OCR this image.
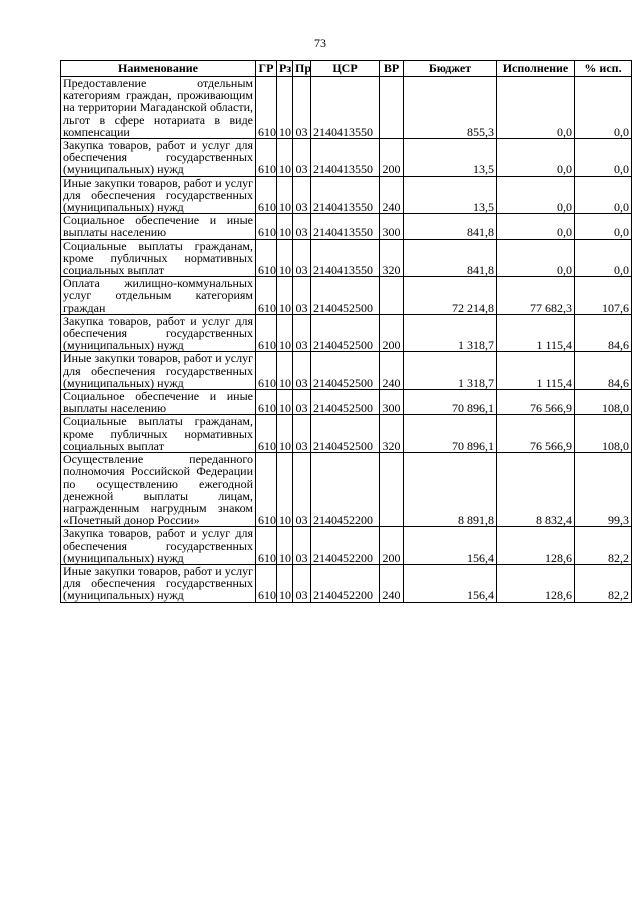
73
Наименование	ГР	Рз	Пр	ЦСР	ВР	Бюджет	Исполнение	% исп.
Предоставление отдельным категориям граждан, проживающим на территории Магаданской области, льгот в сфере нотариата в виде компенсации	610	10	03	2140413550		855,3	0,0	0,0
Закупка товаров, работ и услуг для обеспечения государственных (муниципальных) нужд	610	10	03	2140413550	200	13,5	0,0	0,0
Иные закупки товаров, работ и услуг для обеспечения государственных (муниципальных) нужд	610	10	03	2140413550	240	13,5	0,0	0,0
Социальное обеспечение и иные выплаты населению	610	10	03	2140413550	300	841,8	0,0	0,0
Социальные выплаты гражданам, кроме публичных нормативных социальных выплат	610	10	03	2140413550	320	841,8	0,0	0,0
Оплата жилищно-коммунальных услуг отдельным категориям граждан	610	10	03	2140452500		72 214,8	77 682,3	107,6
Закупка товаров, работ и услуг для обеспечения государственных (муниципальных) нужд	610	10	03	2140452500	200	1 318,7	1 115,4	84,6
Иные закупки товаров, работ и услуг для обеспечения государственных (муниципальных) нужд	610	10	03	2140452500	240	1 318,7	1 115,4	84,6
Социальное обеспечение и иные выплаты населению	610	10	03	2140452500	300	70 896,1	76 566,9	108,0
Социальные выплаты гражданам, кроме публичных нормативных социальных выплат	610	10	03	2140452500	320	70 896,1	76 566,9	108,0
Осуществление переданного полномочия Российской Федерации по осуществлению ежегодной денежной выплаты лицам, награжденным нагрудным знаком «Почетный донор России»	610	10	03	2140452200		8 891,8	8 832,4	99,3
Закупка товаров, работ и услуг для обеспечения государственных (муниципальных) нужд	610	10	03	2140452200	200	156,4	128,6	82,2
Иные закупки товаров, работ и услуг для обеспечения государственных (муниципальных) нужд	610	10	03	2140452200	240	156,4	128,6	82,2
